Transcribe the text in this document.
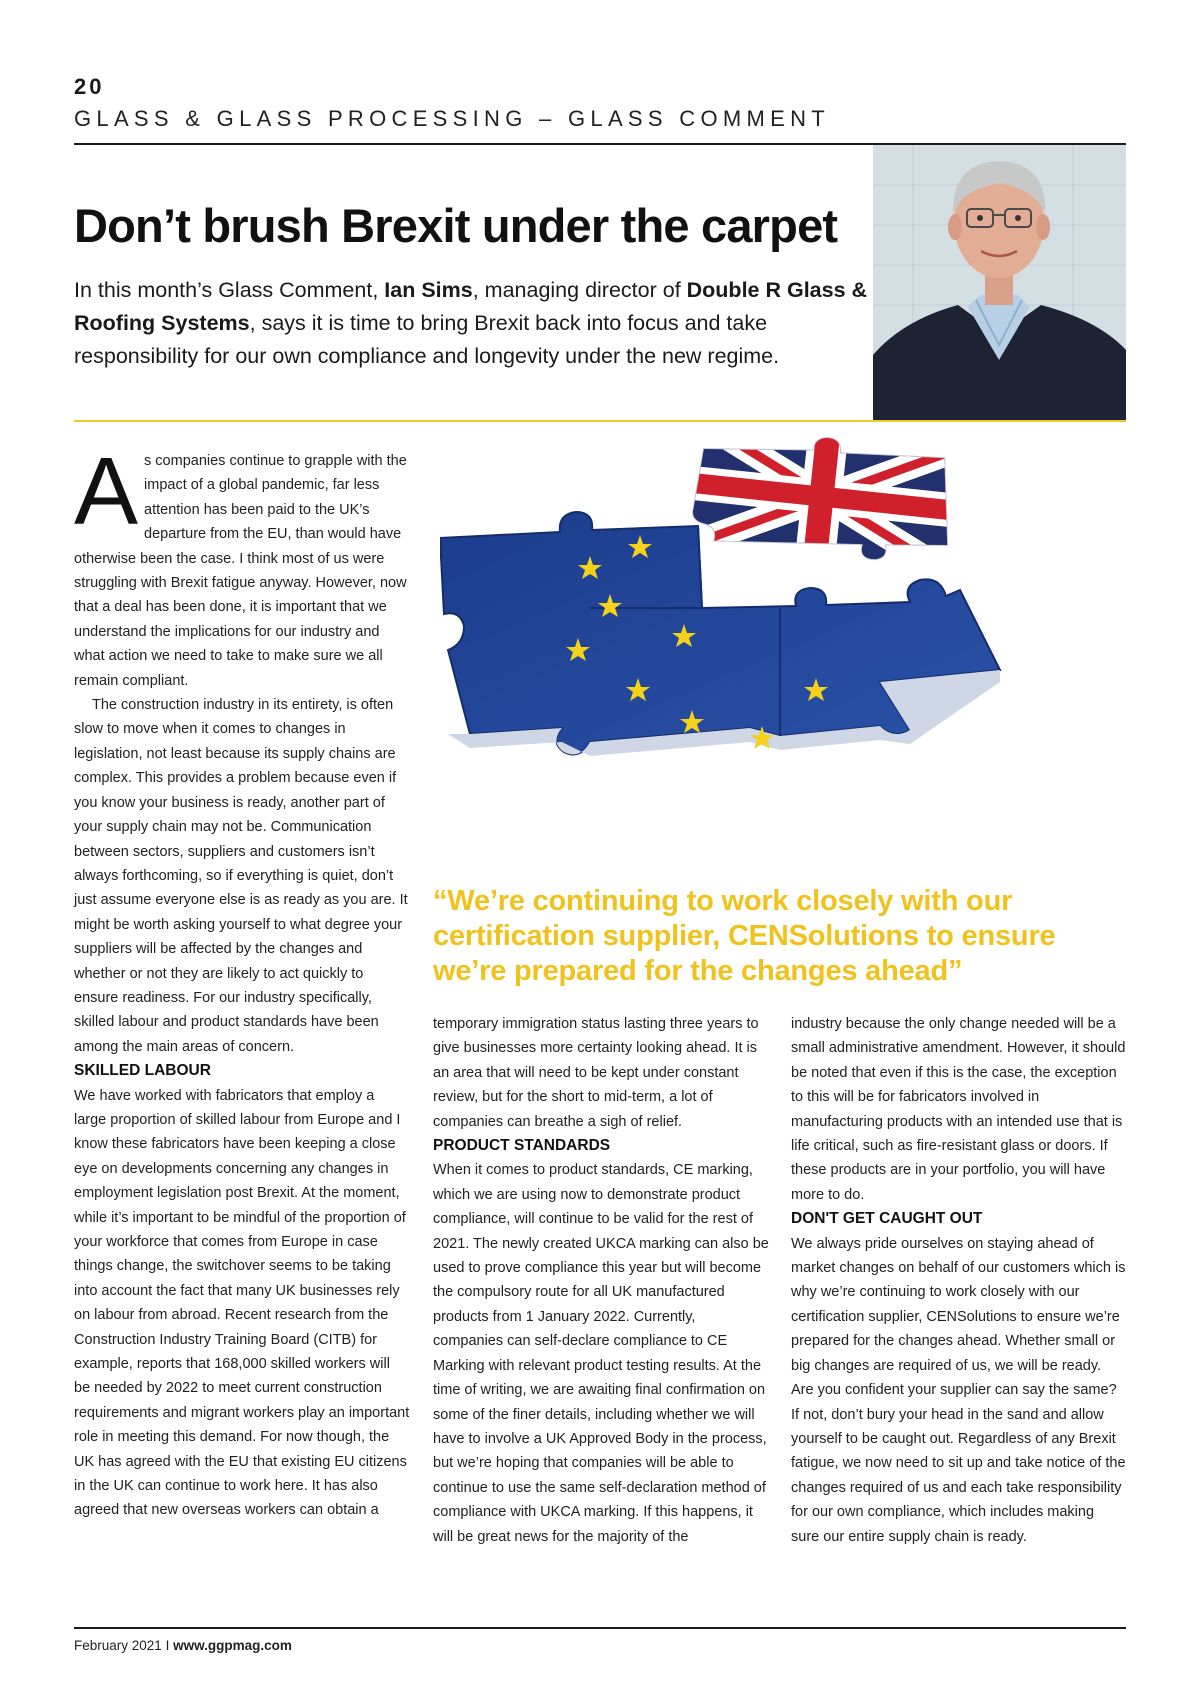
20
GLASS & GLASS PROCESSING – GLASS COMMENT
Don’t brush Brexit under the carpet
In this month’s Glass Comment, Ian Sims, managing director of Double R Glass & Roofing Systems, says it is time to bring Brexit back into focus and take responsibility for our own compliance and longevity under the new regime.
A s companies continue to grapple with the impact of a global pandemic, far less attention has been paid to the UK’s departure from the EU, than would have otherwise been the case. I think most of us were struggling with Brexit fatigue anyway. However, now that a deal has been done, it is important that we understand the implications for our industry and what action we need to take to make sure we all remain compliant.

The construction industry in its entirety, is often slow to move when it comes to changes in legislation, not least because its supply chains are complex. This provides a problem because even if you know your business is ready, another part of your supply chain may not be. Communication between sectors, suppliers and customers isn’t always forthcoming, so if everything is quiet, don’t just assume everyone else is as ready as you are. It might be worth asking yourself to what degree your suppliers will be affected by the changes and whether or not they are likely to act quickly to ensure readiness. For our industry specifically, skilled labour and product standards have been among the main areas of concern.

SKILLED LABOUR

We have worked with fabricators that employ a large proportion of skilled labour from Europe and I know these fabricators have been keeping a close eye on developments concerning any changes in employment legislation post Brexit. At the moment, while it’s important to be mindful of the proportion of your workforce that comes from Europe in case things change, the switchover seems to be taking into account the fact that many UK businesses rely on labour from abroad. Recent research from the Construction Industry Training Board (CITB) for example, reports that 168,000 skilled workers will be needed by 2022 to meet current construction requirements and migrant workers play an important role in meeting this demand. For now though, the UK has agreed with the EU that existing EU citizens in the UK can continue to work here. It has also agreed that new overseas workers can obtain a

“We’re continuing to work closely with our certification supplier, CENSolutions to ensure we’re prepared for the changes ahead”

temporary immigration status lasting three years to give businesses more certainty looking ahead. It is an area that will need to be kept under constant review, but for the short to mid-term, a lot of companies can breathe a sigh of relief.

PRODUCT STANDARDS

When it comes to product standards, CE marking, which we are using now to demonstrate product compliance, will continue to be valid for the rest of 2021. The newly created UKCA marking can also be used to prove compliance this year but will become the compulsory route for all UK manufactured products from 1 January 2022. Currently, companies can self-declare compliance to CE Marking with relevant product testing results. At the time of writing, we are awaiting final confirmation on some of the finer details, including whether we will have to involve a UK Approved Body in the process, but we’re hoping that companies will be able to continue to use the same self-declaration method of compliance with UKCA marking. If this happens, it will be great news for the majority of the

industry because the only change needed will be a small administrative amendment. However, it should be noted that even if this is the case, the exception to this will be for fabricators involved in manufacturing products with an intended use that is life critical, such as fire-resistant glass or doors. If these products are in your portfolio, you will have more to do.

DON'T GET CAUGHT OUT

We always pride ourselves on staying ahead of market changes on behalf of our customers which is why we’re continuing to work closely with our certification supplier, CENSolutions to ensure we’re prepared for the changes ahead. Whether small or big changes are required of us, we will be ready. Are you confident your supplier can say the same? If not, don’t bury your head in the sand and allow yourself to be caught out. Regardless of any Brexit fatigue, we now need to sit up and take notice of the changes required of us and each take responsibility for our own compliance, which includes making sure our entire supply chain is ready.

February 2021 I www.ggpmag.com
